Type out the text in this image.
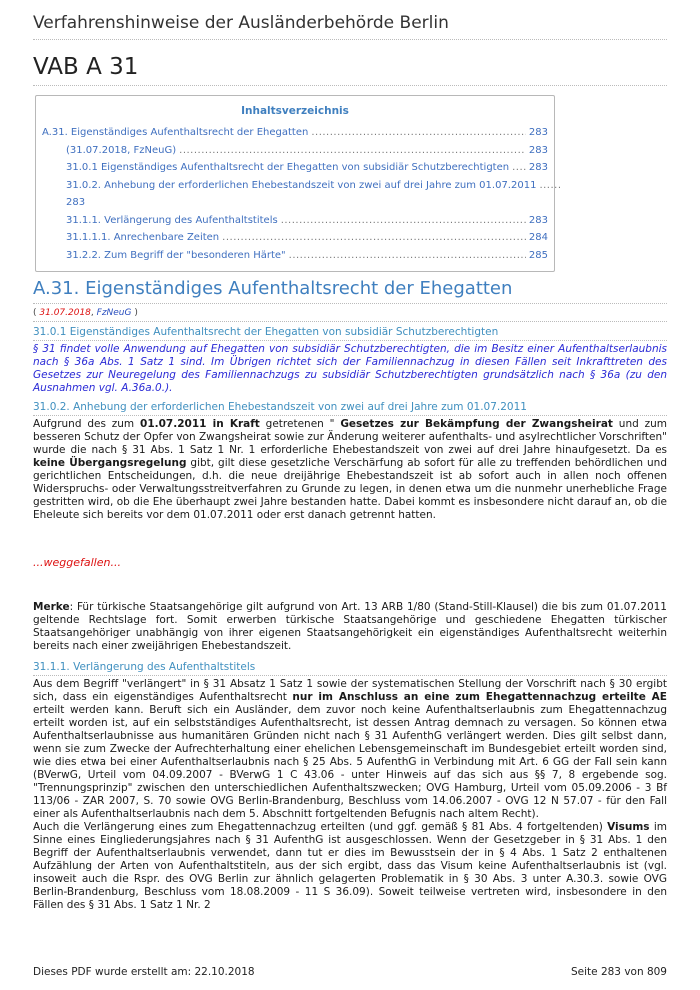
Verfahrenshinweise der Ausländerbehörde Berlin
VAB A 31
Inhaltsverzeichnis
A.31. Eigenständiges Aufenthaltsrecht der Ehegatten .....	283
(31.07.2018, FzNeuG) .....	283
31.0.1 Eigenständiges Aufenthaltsrecht der Ehegatten von subsidiär Schutzberechtigten ..... 283
31.0.2. Anhebung der erforderlichen Ehebestandszeit von zwei auf drei Jahre zum 01.07.2011
.....
283
31.1.1. Verlängerung des Aufenthaltstitels .....	283
31.1.1.1. Anrechenbare Zeiten .....	284
31.2.2. Zum Begriff der "besonderen Härte" .....	285
A.31. Eigenständiges Aufenthaltsrecht der Ehegatten
( 31.07.2018, FzNeuG )
31.0.1 Eigenständiges Aufenthaltsrecht der Ehegatten von subsidiär Schutzberechtigten
§ 31 findet volle Anwendung auf Ehegatten von subsidiär Schutzberechtigten, die im Besitz einer Aufenthaltserlaubnis nach § 36a Abs. 1 Satz 1 sind. Im Übrigen richtet sich der Familiennachzug in diesen Fällen seit Inkrafttreten des Gesetzes zur Neuregelung des Familiennachzugs zu subsidiär Schutzberechtigten grundsätzlich nach § 36a (zu den Ausnahmen vgl. A.36a.0.).
31.0.2. Anhebung der erforderlichen Ehebestandszeit von zwei auf drei Jahre zum 01.07.2011
Aufgrund des zum 01.07.2011 in Kraft getretenen " Gesetzes zur Bekämpfung der Zwangsheirat und zum besseren Schutz der Opfer von Zwangsheirat sowie zur Änderung weiterer aufenthalts- und asylrechtlicher Vorschriften" wurde die nach § 31 Abs. 1 Satz 1 Nr. 1 erforderliche Ehebestandszeit von zwei auf drei Jahre hinaufgesetzt. Da es keine Übergangsregelung gibt, gilt diese gesetzliche Verschärfung ab sofort für alle zu treffenden behördlichen und gerichtlichen Entscheidungen, d.h. die neue dreijährige Ehebestandszeit ist ab sofort auch in allen noch offenen Widerspruchs- oder Verwaltungsstreitverfahren zu Grunde zu legen, in denen etwa um die nunmehr unerhebliche Frage gestritten wird, ob die Ehe überhaupt zwei Jahre bestanden hatte. Dabei kommt es insbesondere nicht darauf an, ob die Eheleute sich bereits vor dem 01.07.2011 oder erst danach getrennt hatten.
...weggefallen...
Merke: Für türkische Staatsangehörige gilt aufgrund von Art. 13 ARB 1/80 (Stand-Still-Klausel) die bis zum 01.07.2011 geltende Rechtslage fort. Somit erwerben türkische Staatsangehörige und geschiedene Ehegatten türkischer Staatsangehöriger unabhängig von ihrer eigenen Staatsangehörigkeit ein eigenständiges Aufenthaltsrecht weiterhin bereits nach einer zweijährigen Ehebestandszeit.
31.1.1. Verlängerung des Aufenthaltstitels
Aus dem Begriff "verlängert" in § 31 Absatz 1 Satz 1 sowie der systematischen Stellung der Vorschrift nach § 30 ergibt sich, dass ein eigenständiges Aufenthaltsrecht nur im Anschluss an eine zum Ehegattennachzug erteilte AE erteilt werden kann. Beruft sich ein Ausländer, dem zuvor noch keine Aufenthaltserlaubnis zum Ehegattennachzug erteilt worden ist, auf ein selbstständiges Aufenthaltsrecht, ist dessen Antrag demnach zu versagen. So können etwa Aufenthaltserlaubnisse aus humanitären Gründen nicht nach § 31 AufenthG verlängert werden. Dies gilt selbst dann, wenn sie zum Zwecke der Aufrechterhaltung einer ehelichen Lebensgemeinschaft im Bundesgebiet erteilt worden sind, wie dies etwa bei einer Aufenthaltserlaubnis nach § 25 Abs. 5 AufenthG in Verbindung mit Art. 6 GG der Fall sein kann (BVerwG, Urteil vom 04.09.2007 - BVerwG 1 C 43.06 - unter Hinweis auf das sich aus §§ 7, 8 ergebende sog. "Trennungsprinzip" zwischen den unterschiedlichen Aufenthaltszwecken; OVG Hamburg, Urteil vom 05.09.2006 - 3 Bf 113/06 - ZAR 2007, S. 70 sowie OVG Berlin-Brandenburg, Beschluss vom 14.06.2007 - OVG 12 N 57.07 - für den Fall einer als Aufenthaltserlaubnis nach dem 5. Abschnitt fortgeltenden Befugnis nach altem Recht).
Auch die Verlängerung eines zum Ehegattennachzug erteilten (und ggf. gemäß § 81 Abs. 4 fortgeltenden) Visums im Sinne eines Eingliederungsjahres nach § 31 AufenthG ist ausgeschlossen. Wenn der Gesetzgeber in § 31 Abs. 1 den Begriff der Aufenthaltserlaubnis verwendet, dann tut er dies im Bewusstsein der in § 4 Abs. 1 Satz 2 enthaltenen Aufzählung der Arten von Aufenthaltstiteln, aus der sich ergibt, dass das Visum keine Aufenthaltserlaubnis ist (vgl. insoweit auch die Rspr. des OVG Berlin zur ähnlich gelagerten Problematik in § 30 Abs. 3 unter A.30.3. sowie OVG Berlin-Brandenburg, Beschluss vom 18.08.2009 - 11 S 36.09). Soweit teilweise vertreten wird, insbesondere in den Fällen des § 31 Abs. 1 Satz 1 Nr. 2
Dieses PDF wurde erstellt am: 22.10.2018	Seite 283 von 809
